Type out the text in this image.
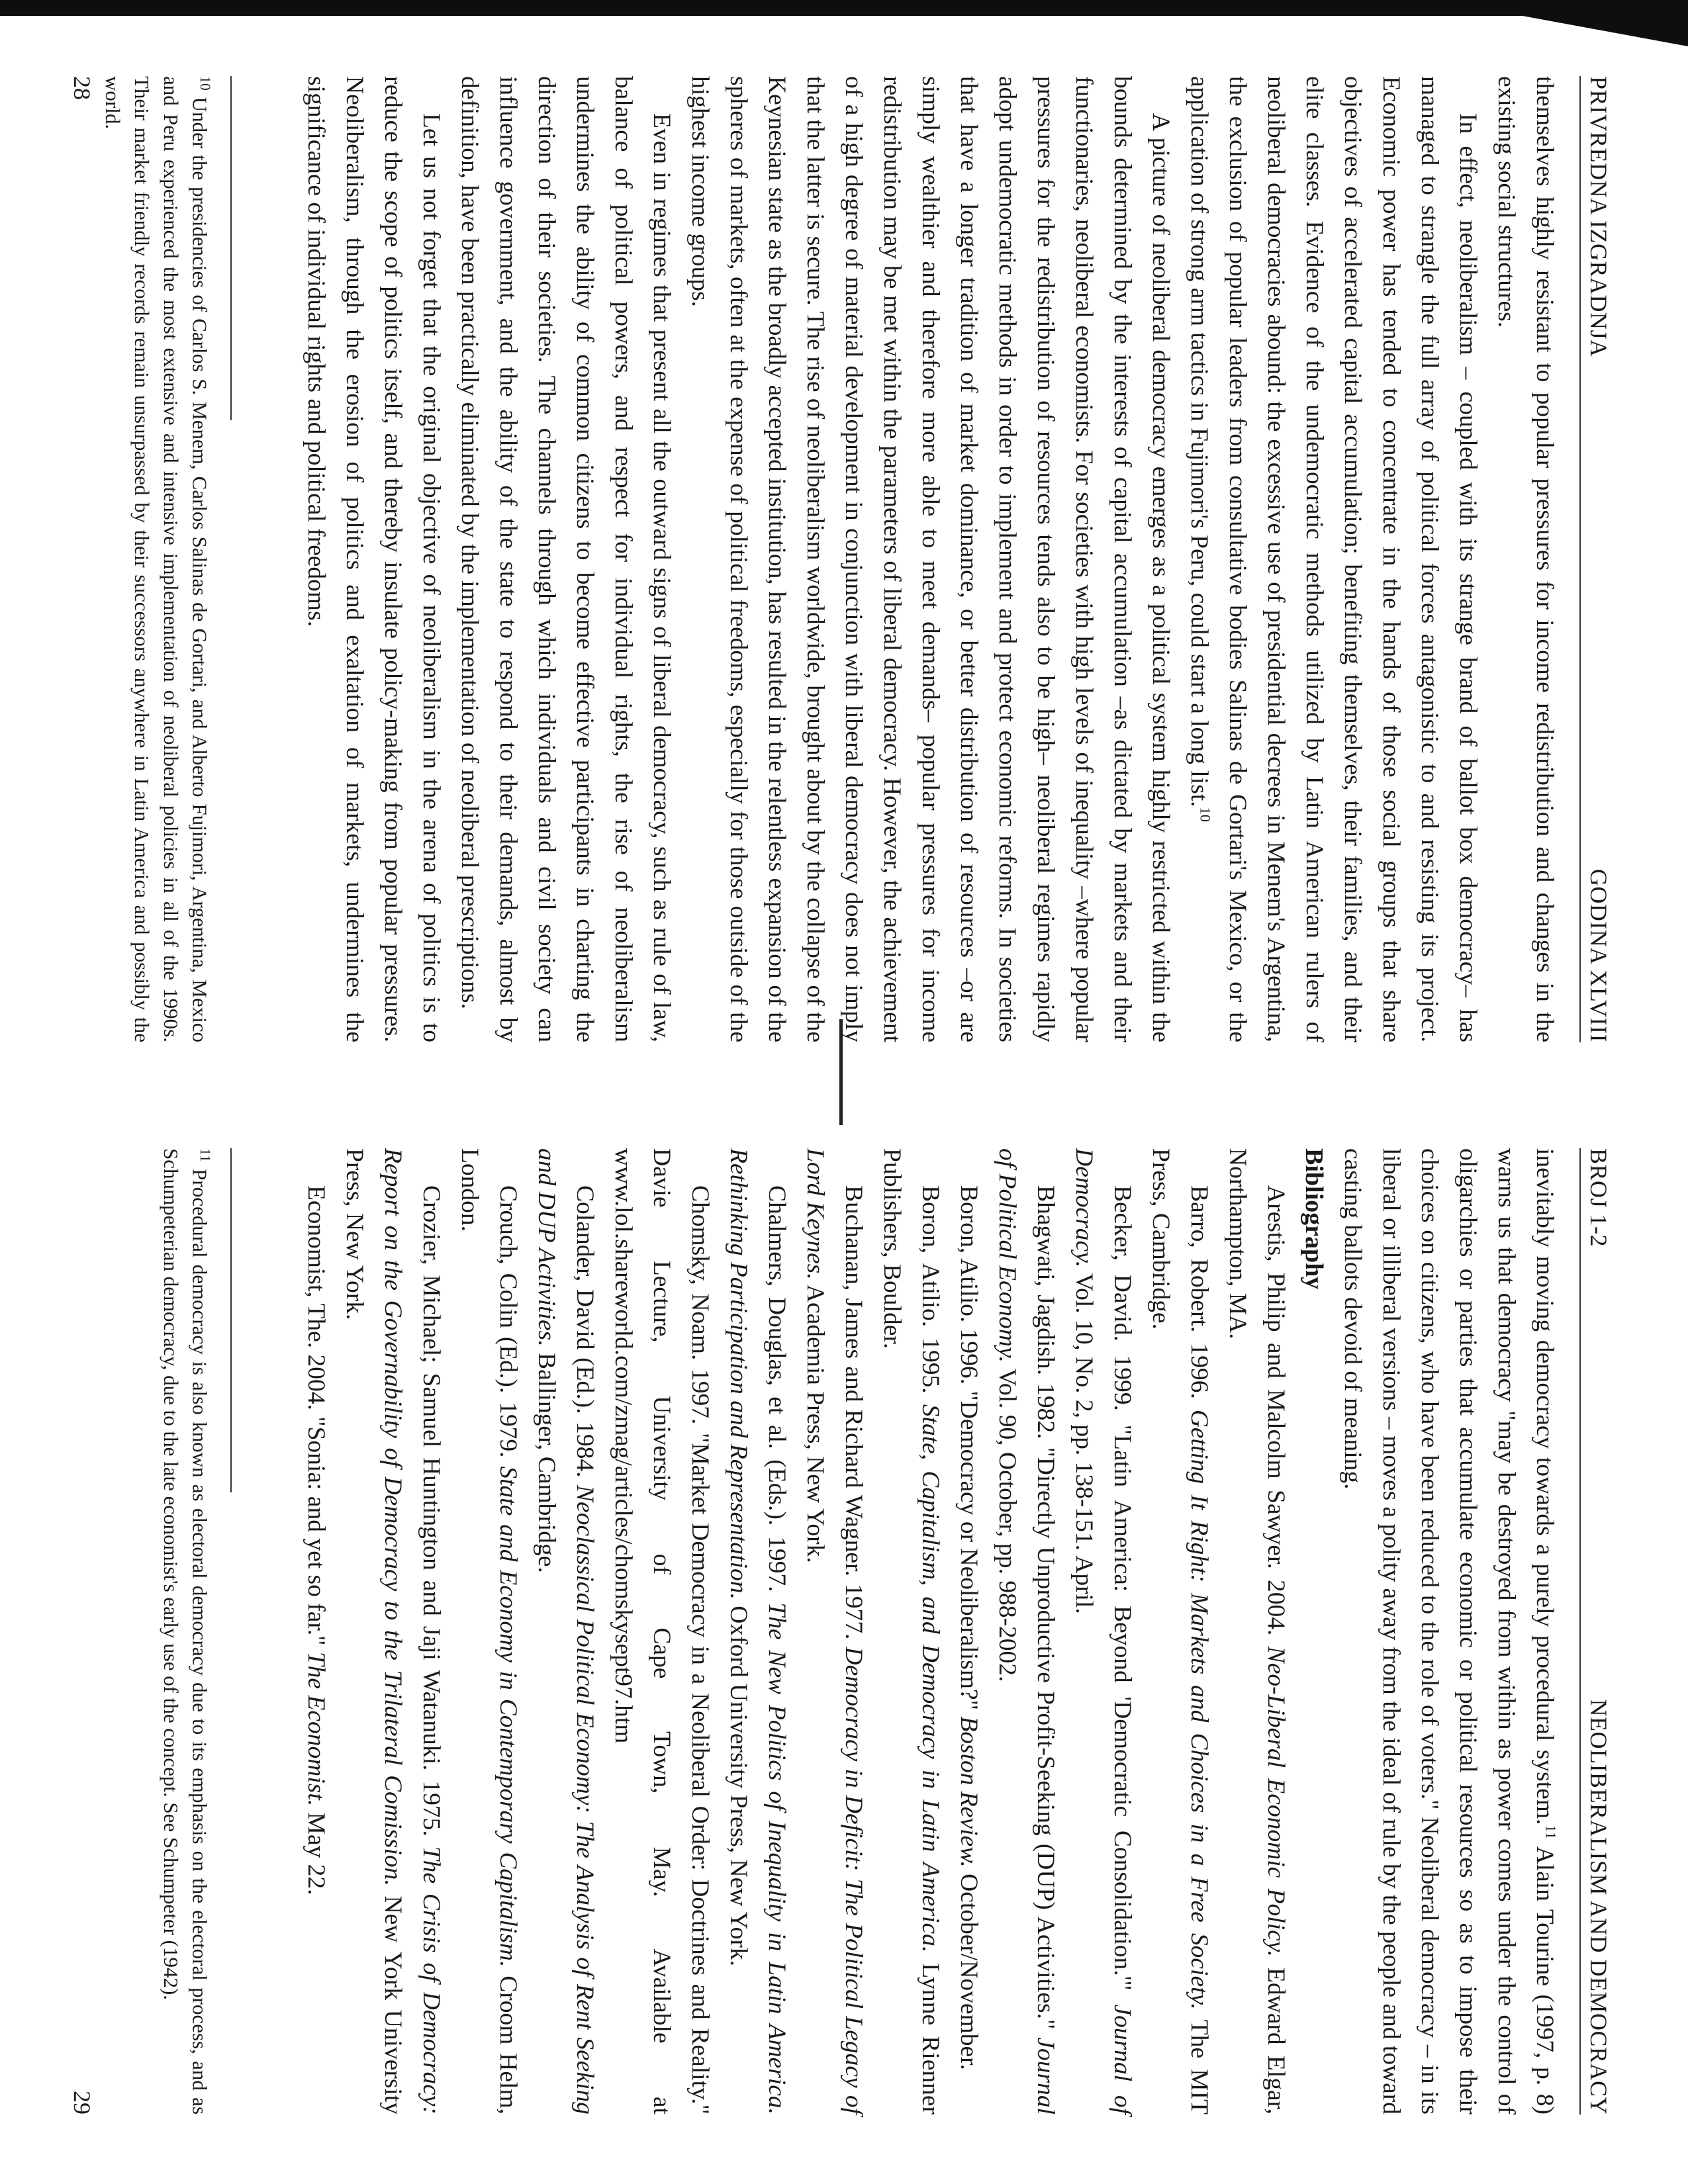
PRIVREDNA IZGRADNJA
GODINA XLVIII

themselves highly resistant to popular pressures for income redistribution and changes in the existing social structures.

In effect, neoliberalism – coupled with its strange brand of ballot box democracy– has managed to strangle the full array of political forces antagonistic to and resisting its project. Economic power has tended to concentrate in the hands of those social groups that share objectives of accelerated capital accumulation; benefiting themselves, their families, and their elite classes. Evidence of the undemocratic methods utilized by Latin American rulers of neoliberal democracies abound: the excessive use of presidential decrees in Menem's Argentina, the exclusion of popular leaders from consultative bodies Salinas de Gortari's Mexico, or the application of strong arm tactics in Fujimori's Peru, could start a long list.$^{10}$

A picture of neoliberal democracy emerges as a political system highly restricted within the bounds determined by the interests of capital accumulation –as dictated by markets and their functionaries, neoliberal economists. For societies with high levels of inequality –where popular pressures for the redistribution of resources tends also to be high– neoliberal regimes rapidly adopt undemocratic methods in order to implement and protect economic reforms. In societies that have a longer tradition of market dominance, or better distribution of resources –or are simply wealthier and therefore more able to meet demands– popular pressures for income redistribution may be met within the parameters of liberal democracy. However, the achievement of a high degree of material development in conjunction with liberal democracy does not imply that the latter is secure. The rise of neoliberalism worldwide, brought about by the collapse of the Keynesian state as the broadly accepted institution, has resulted in the relentless expansion of the spheres of markets, often at the expense of political freedoms, especially for those outside of the highest income groups.

Even in regimes that present all the outward signs of liberal democracy, such as rule of law, balance of political powers, and respect for individual rights, the rise of neoliberalism undermines the ability of common citizens to become effective participants in charting the direction of their societies. The channels through which individuals and civil society can influence government, and the ability of the state to respond to their demands, almost by definition, have been practically eliminated by the implementation of neoliberal prescriptions.

Let us not forget that the original objective of neoliberalism in the arena of politics is to reduce the scope of politics itself, and thereby insulate policy-making from popular pressures. Neoliberalism, through the erosion of politics and exaltation of markets, undermines the significance of individual rights and political freedoms.

$^{10}$ Under the presidencies of Carlos S. Menem, Carlos Salinas de Gortari, and Alberto Fujimori, Argentina, Mexico and Peru experienced the most extensive and intensive implementation of neoliberal policies in all of the 1990s. Their market friendly records remain unsurpassed by their successors anywhere in Latin America and possibly the world.
28
BROJ 1-2
NEOLIBERALISM AND DEMOCRACY

inevitably moving democracy towards a purely procedural system.$^{11}$ Alain Tourine (1997, p. 8) warns us that democracy "may be destroyed from within as power comes under the control of oligarchies or parties that accumulate economic or political resources so as to impose their choices on citizens, who have been reduced to the role of voters." Neoliberal democracy – in its liberal or illiberal versions – moves a polity away from the ideal of rule by the people and toward casting ballots devoid of meaning.

Bibliography

Arestis, Philip and Malcolm Sawyer. 2004. Neo-Liberal Economic Policy. Edward Elgar, Northampton, MA.

Barro, Robert. 1996. Getting It Right: Markets and Choices in a Free Society. The MIT Press, Cambridge.

Becker, David. 1999. "Latin America: Beyond 'Democratic Consolidation.'" Journal of Democracy. Vol. 10, No. 2, pp. 138-151. April.

Bhagwati, Jagdish. 1982. "Directly Unproductive Profit-Seeking (DUP) Activities." Journal of Political Economy. Vol. 90, October, pp. 988-2002.

Boron, Atilio. 1996. "Democracy or Neoliberalism?" Boston Review. October/November.

Boron, Atilio. 1995. State, Capitalism, and Democracy in Latin America. Lynne Rienner Publishers, Boulder.

Buchanan, James and Richard Wagner. 1977. Democracy in Deficit: The Political Legacy of Lord Keynes. Academia Press, New York.

Chalmers, Douglas, et al. (Eds.). 1997. The New Politics of Inequality in Latin America. Rethinking Participation and Representation. Oxford University Press, New York.

Chomsky, Noam. 1997. "Market Democracy in a Neoliberal Order: Doctrines and Reality." Davie Lecture, University of Cape Town, May. Available at www.lol.shareworld.com/zmag/articles/chomskysept97.htm

Colander, David (Ed.). 1984. Neoclassical Political Economy: The Analysis of Rent Seeking and DUP Activities. Ballinger, Cambridge.

Crouch, Colin (Ed.). 1979. State and Economy in Contemporary Capitalism. Croom Helm, London.

Crozier, Michael; Samuel Huntington and Jaji Watanuki. 1975. The Crisis of Democracy: Report on the Governability of Democracy to the Trilateral Comission. New York University Press, New York.

Economist, The. 2004. "Sonia: and yet so far." The Economist. May 22.

$^{11}$ Procedural democracy is also known as electoral democracy due to its emphasis on the electoral process, and as Schumpeterian democracy, due to the late economist's early use of the concept. See Schumpeter (1942).
29
